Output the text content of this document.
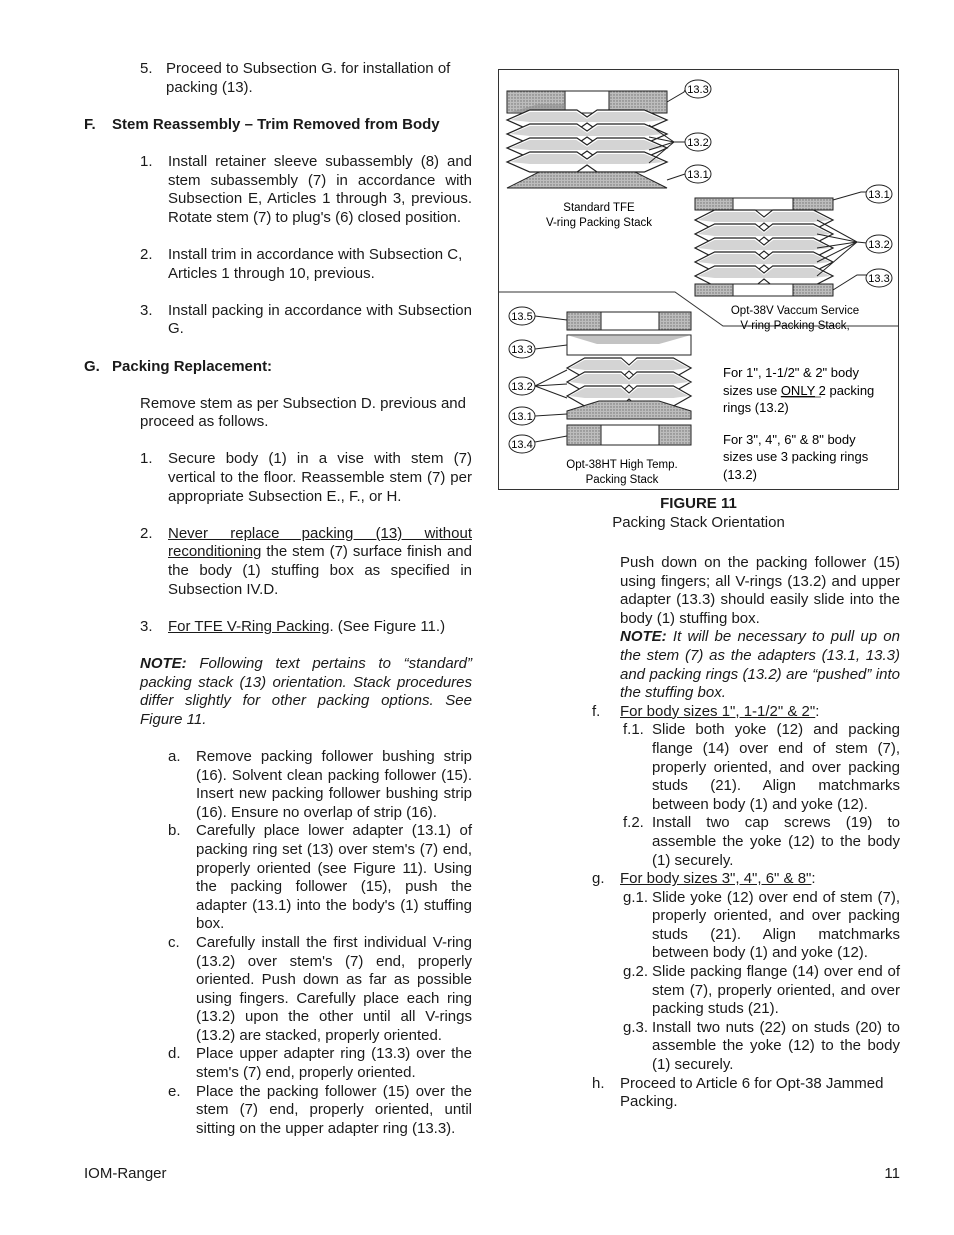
5. Proceed to Subsection G. for installation of packing (13).

F. Stem Reassembly – Trim Removed from Body
1. Install retainer sleeve subassembly (8) and stem subassembly (7) in accordance with Subsection E, Articles 1 through 3, previous. Rotate stem (7) to plug's (6) closed position.

2. Install trim in accordance with Subsection C, Articles 1 through 10, previous.

3. Install packing in accordance with Subsection G.

G. Packing Replacement:

Remove stem as per Subsection D. previous and proceed as follows.

1. Secure body (1) in a vise with stem (7) vertical to the floor. Reassemble stem (7) per appropriate Subsection E., F., or H.

2. Never replace packing (13) without reconditioning the stem (7) surface finish and the body (1) stuffing box as specified in Subsection IV.D.

3. For TFE V-Ring Packing. (See Figure 11.)

NOTE: Following text pertains to “standard” packing stack (13) orientation. Stack procedures differ slightly for other packing options. See Figure 11.

a. Remove packing follower bushing strip (16). Solvent clean packing follower (15). Insert new packing follower bushing strip (16). Ensure no overlap of strip (16).

b. Carefully place lower adapter (13.1) of packing ring set (13) over stem's (7) end, properly oriented (see Figure 11). Using the packing follower (15), push the adapter (13.1) into the body's (1) stuffing box.

c. Carefully install the first individual V-ring (13.2) over stem's (7) end, properly oriented. Push down as far as possible using fingers. Carefully place each ring (13.2) upon the other until all V-rings (13.2) are stacked, properly oriented.

d. Place upper adapter ring (13.3) over the stem's (7) end, properly oriented.

e. Place the packing follower (15) over the stem (7) end, properly oriented, until sitting on the upper adapter ring (13.3).

13.3
13.2
13.1
Standard TFE
V-ring Packing Stack
13.1
13.2
13.3
Opt-38V Vaccum Service
V-ring Packing Stack,
13.5
13.3
13.2
13.1
13.4
Opt-38HT High Temp.
Packing Stack
For 1", 1-1/2" & 2" body
sizes use ONLY 2 packing
rings (13.2)
For 3", 4", 6" & 8" body
sizes use 3 packing rings
(13.2)
FIGURE 11
Packing Stack Orientation

Push down on the packing follower (15) using fingers; all V-rings (13.2) and upper adapter (13.3) should easily slide into the body (1) stuffing box.

NOTE: It will be necessary to pull up on the stem (7) as the adapters (13.1, 13.3) and packing rings (13.2) are “pushed” into the stuffing box.

f. For body sizes 1", 1-1/2" & 2":
f.1. Slide both yoke (12) and packing flange (14) over end of stem (7), properly oriented, and over packing studs (21). Align matchmarks between body (1) and yoke (12).

f.2. Install two cap screws (19) to assemble the yoke (12) to the body (1) securely.

g. For body sizes 3", 4", 6" & 8":
g.1. Slide yoke (12) over end of stem (7), properly oriented, and over packing studs (21). Align matchmarks between body (1) and yoke (12).

g.2. Slide packing flange (14) over end of stem (7), properly oriented, and over packing studs (21).

g.3. Install two nuts (22) on studs (20) to assemble the yoke (12) to the body (1) securely.

h. Proceed to Article 6 for Opt-38 Jammed Packing.

IOM-Ranger	11
